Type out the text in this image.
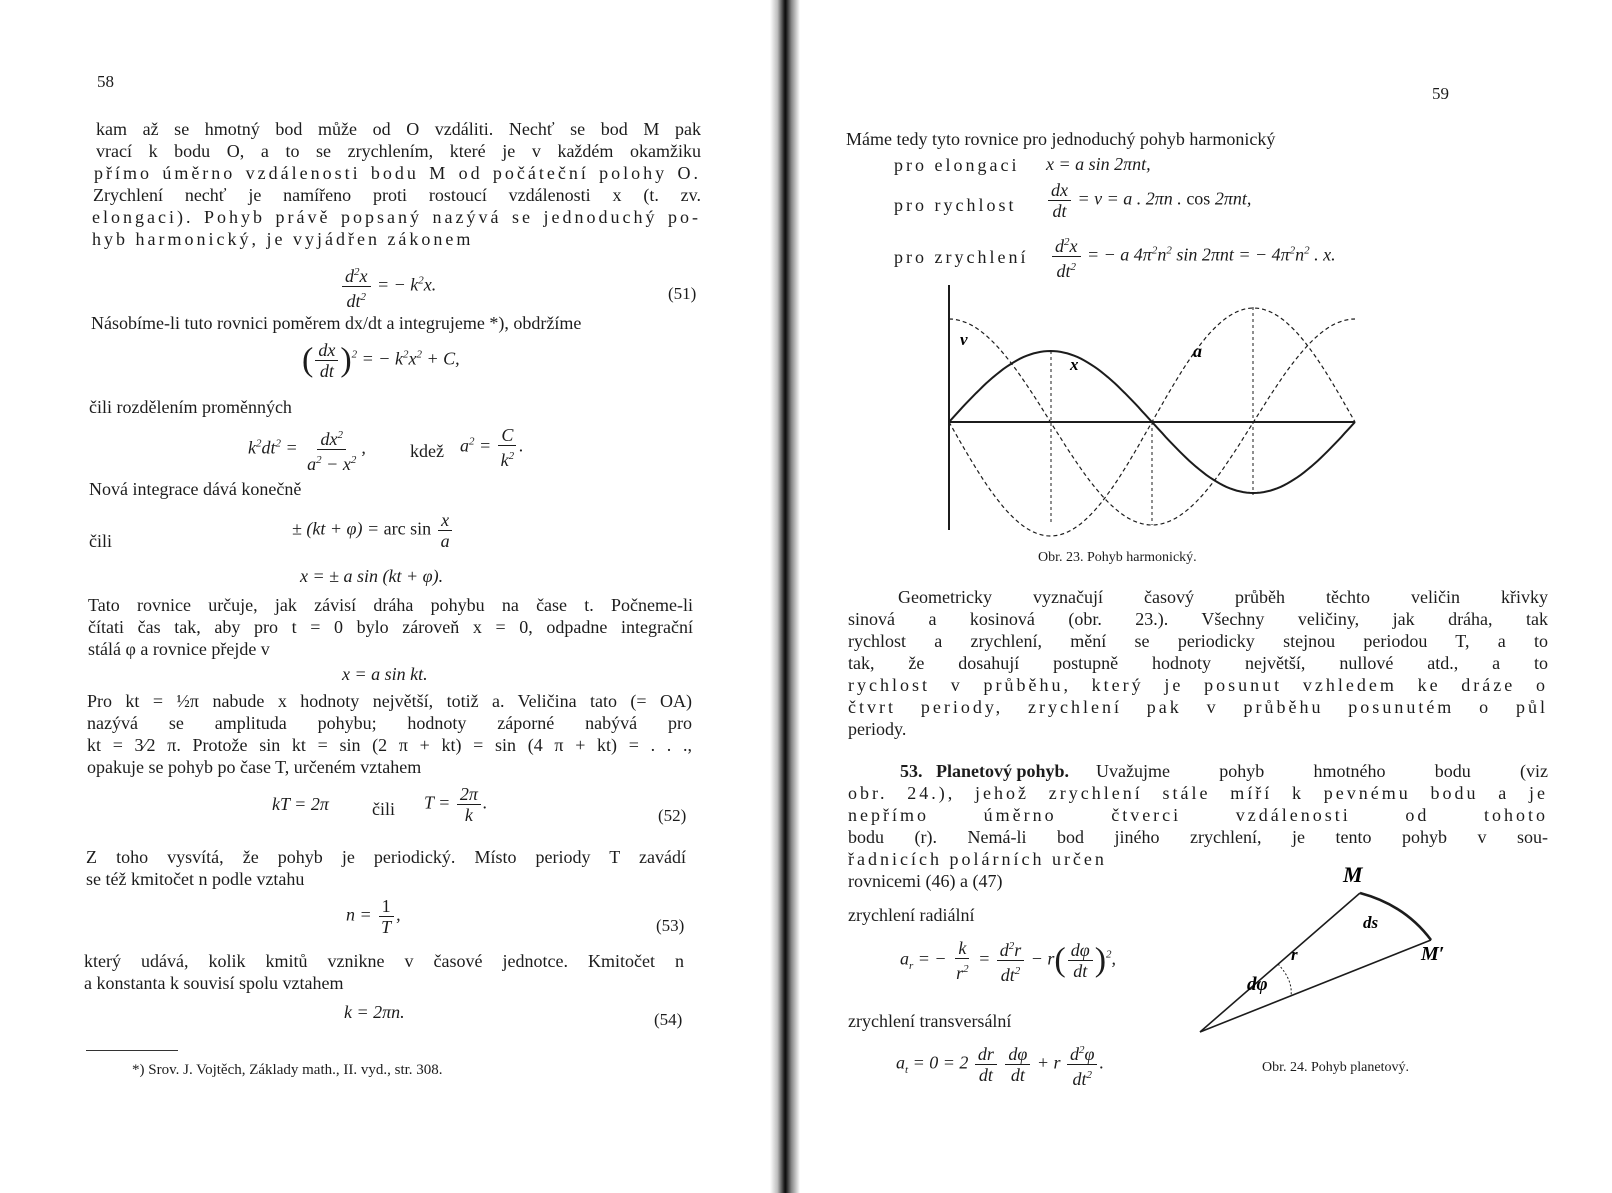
58
kam až se hmotný bod může od O vzdáliti. Nechť se bod M pak
vrací k bodu O, a to se zrychlením, které je v každém okamžiku
přímo úměrno vzdálenosti bodu M od počáteční polohy O.
Zrychlení nechť je namířeno proti rostoucí vzdálenosti x (t. zv.
elongaci). Pohyb právě popsaný nazývá se jednoduchý po-
hyb harmonický, je vyjádřen zákonem
$\frac{d^2x}{dt^2}$ = − $k^2x$.	(51)
Násobíme-li tuto rovnici poměrem dx/dt a integrujeme *), obdržíme
( $\frac{dx}{dt} )^2$ = − $k^2x^2 + C$,
čili rozdělením proměnných
$k^2dt^2 = \frac{dx^2}{a^2 - x^2}$ , kdež $a^2 = \frac{C}{k^2}$ .
Nová integrace dává konečně
čili
± (kt + φ) = arc $\sin \frac{x}{a}$
x = ± a sin (kt + φ).
Tato rovnice určuje, jak závisí dráha pohybu na čase t. Počneme-li
čítati čas tak, aby pro t = 0 bylo zároveň x = 0, odpadne integrační
stálá φ a rovnice přejde v
x = a sin kt.
Pro kt = ½π nabude x hodnoty největší, totiž a. Veličina tato (= OA)
nazývá se amplituda pohybu; hodnoty záporné nabývá pro
kt = 3⁄2 π. Protože sin kt = sin (2 π + kt) = sin (4 π + kt) = . . .,
opakuje se pohyb po čase T, určeném vztahem
kT = 2π čili $T = \frac{2\pi}{k}$ .
(52)
Z toho vysvítá, že pohyb je periodický. Místo periody T zavádí
se též kmitočet n podle vztahu
$n = \frac{1}{T}$ ,
(53)
který udává, kolik kmitů vznikne v časové jednotce. Kmitočet n
a konstanta k souvisí spolu vztahem
k = 2πn.	(54)
*) Srov. J. Vojtěch, Základy math., II. vyd., str. 308.
59
Máme tedy tyto rovnice pro jednoduchý pohyb harmonický
pro elongaci x = a sin 2πnt,
pro rychlost $\frac{dx}{dt} = v = a$ . 2πn . cos 2πnt,
pro zrychlení $\frac{d^2x}{dt^2}$ = − a $4\pi^2n^2$ sin 2πnt = − $4\pi^2n^2$ . x.
v
x
a
Obr. 23. Pohyb harmonický.
Geometricky vyznačují časový průběh těchto veličin křivky
sinová a kosinová (obr. 23.). Všechny veličiny, jak dráha, tak
rychlost a zrychlení, mění se periodicky stejnou periodou T, a to
tak, že dosahují postupně hodnoty největší, nullové atd., a to
rychlost v průběhu, který je posunut vzhledem ke dráze o
čtvrt periody, zrychlení pak v průběhu posunutém o půl
periody.
53. Planetový pohyb. Uvažujme pohyb hmotného bodu (viz
obr. 24.), jehož zrychlení stále míří k pevnému bodu a je
nepřímo úměrno čtverci vzdálenosti od tohoto
bodu (r). Nemá-li bod jiného zrychlení, je tento pohyb v sou-
řadnicích polárních určen
rovnicemi (46) a (47)
zrychlení radiální
$a_r$ = − $\frac{k}{r^2} = \frac{d^2r}{dt^2} - r( \frac{d\varphi}{dt} )^2$,
zrychlení transversální
$a_t = 0 = 2 \frac{dr}{dt}$
$\frac{d\varphi}{dt} + r \frac{d^2\varphi}{dt^2}$ .
M
ds
r	M′
dφ
Obr. 24. Pohyb planetový.
